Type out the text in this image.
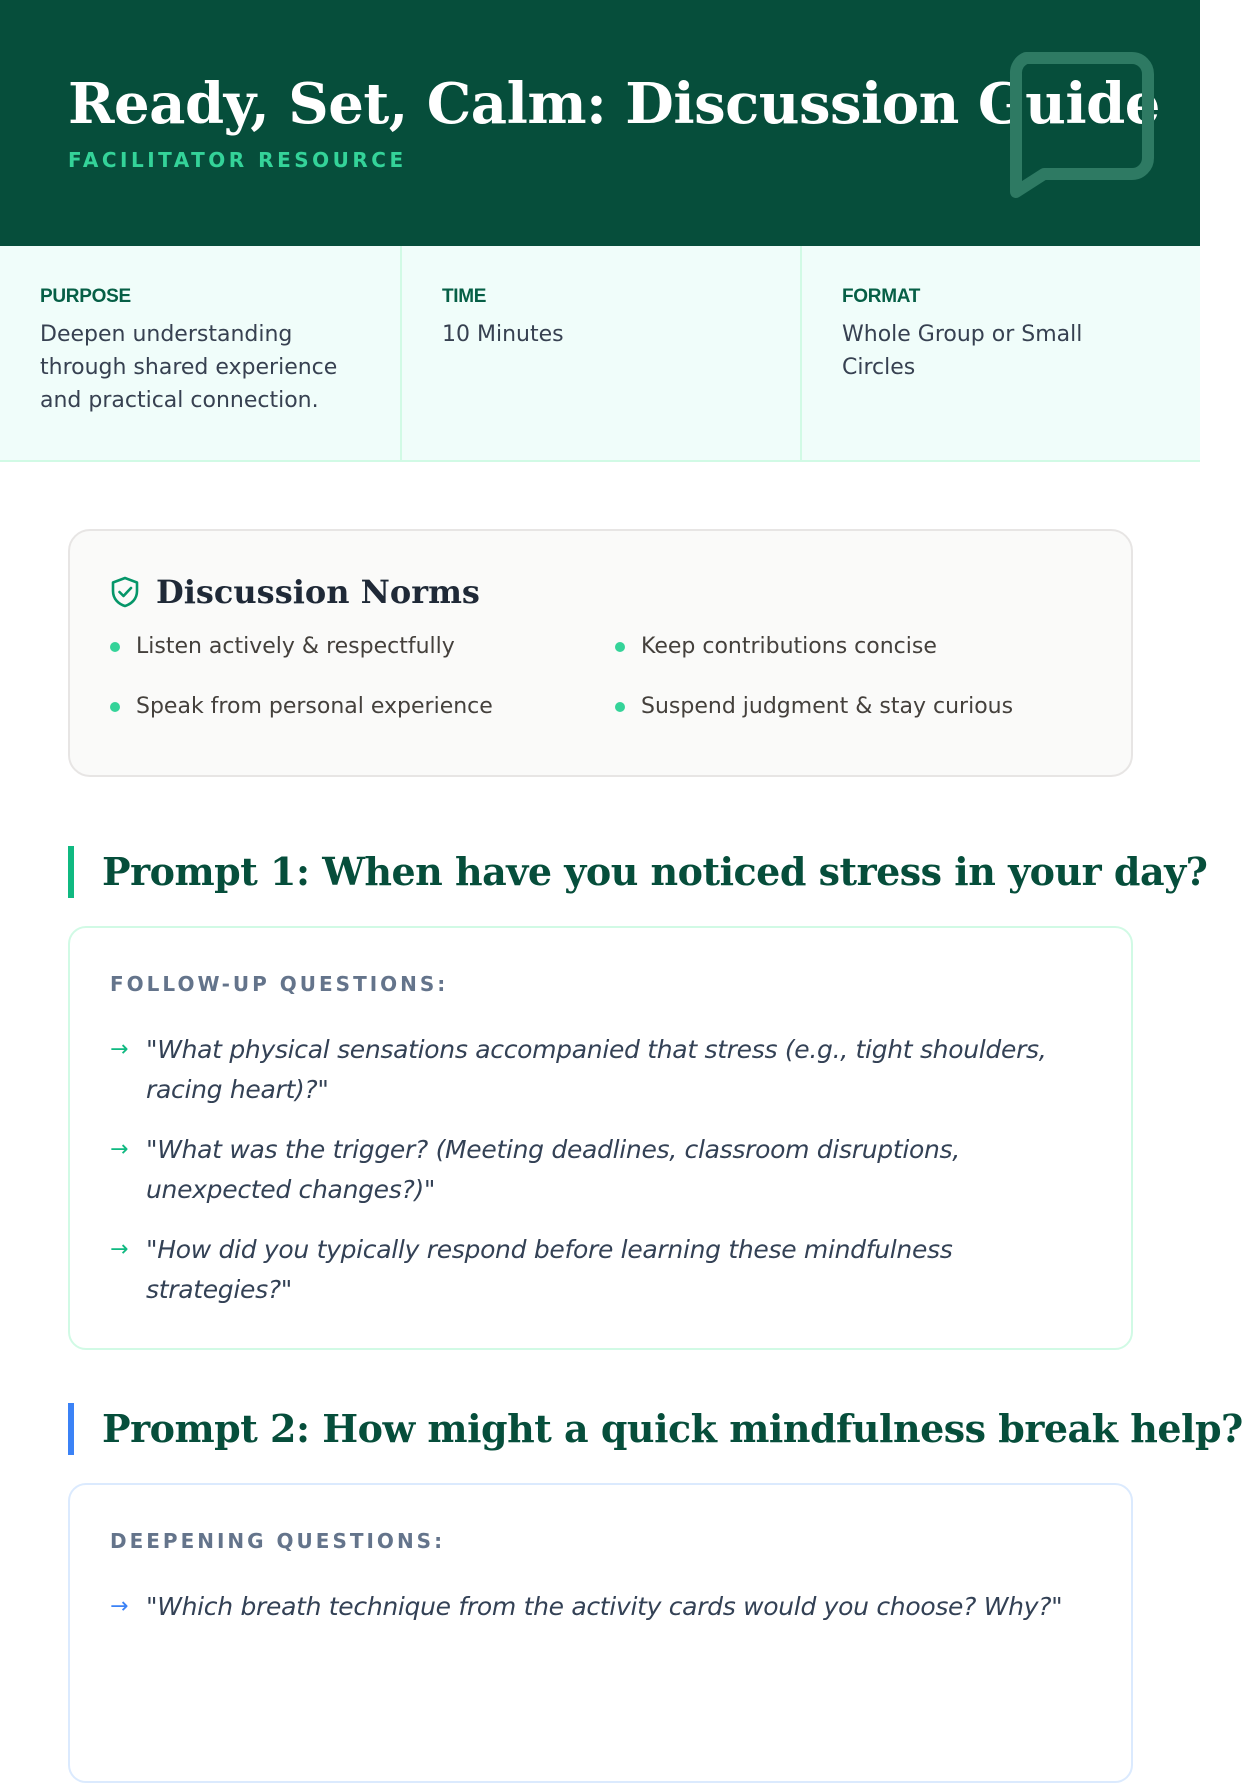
Ready, Set, Calm: Discussion Guide
FACILITATOR RESOURCE
PURPOSE
Deepen understanding through shared experience and practical connection.
TIME
10 Minutes
FORMAT
Whole Group or Small Circles
Discussion Norms
Listen actively & respectfully	Keep contributions concise
Speak from personal experience	Suspend judgment & stay curious
Prompt 1: When have you noticed stress in your day?
FOLLOW-UP QUESTIONS:
→ "What physical sensations accompanied that stress (e.g., tight shoulders, racing heart)?"
→ "What was the trigger? (Meeting deadlines, classroom disruptions, unexpected changes?)"
→ "How did you typically respond before learning these mindfulness strategies?"
Prompt 2: How might a quick mindfulness break help?
DEEPENING QUESTIONS:
→ "Which breath technique from the activity cards would you choose? Why?"
